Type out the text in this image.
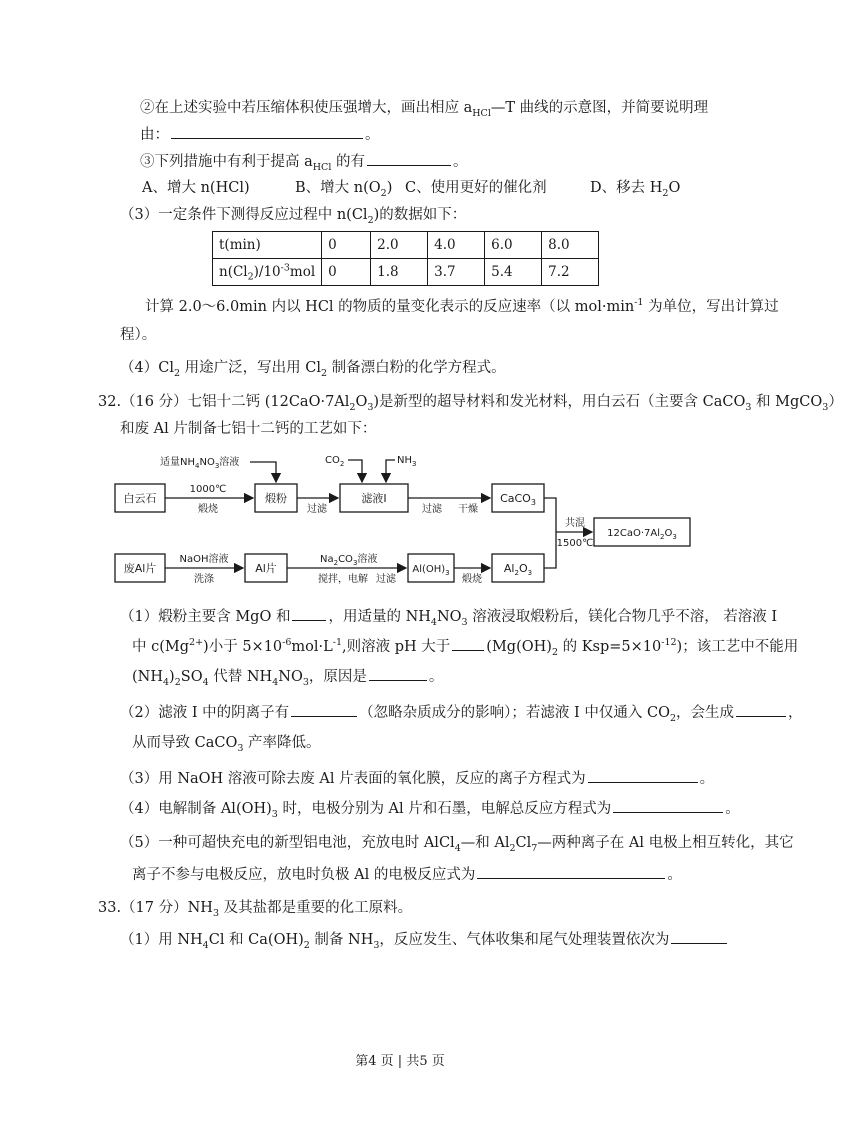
②在上述实验中若压缩体积使压强增大，画出相应 $a_{HCl}—T$ 曲线的示意图，并简要说明理
由：	。
③下列措施中有利于提高 $a_{HCl}$ 的有	。
A、增大 n(HCl)	B、增大 $n(O_2)$ C、使用更好的催化剂	D、移去 $H_2O$
（3）一定条件下测得反应过程中 $n(Cl_2)$的数据如下：
t(min)	0	2.0	4.0	6.0	8.0
$n(Cl_2)/10^{-3}mol$	0	1.8	3.7	5.4	7.2
计算 2.0～6.0min 内以 HCl 的物质的量变化表示的反应速率（以 $mol\cdot\min^{-1}$ 为单位，写出计算过
程）。
$(4)Cl_2$ 用途广泛，写出用 $Cl_2$ 制备漂白粉的化学方程式。
32.（16 分）七铝十二钙 $(12CaO\cdot 7Al_2O_3)$是新型的超导材料和发光材料，用白云石（主要含 CaCO$_3$ 和 MgCO$_3$）
和废 Al 片制备七铝十二钙的工艺如下：
白云石	煅粉	滤液I	CaCO$_3$
$12CaO\cdot 7Al_2O_3$
废Al片	Al片	$Al(OH)_3$	$Al_2O_3$
适量$NH_4NO_3$溶液	$CO_2$	$NH_3$
1000℃
煅烧	过滤	过滤 干燥
共混
1500℃
NaOH溶液
洗涤
$Na_2CO_3$溶液
搅拌，电解 过滤	煅烧
（1）煅粉主要含 MgO 和	，用适量的 $NH_4NO_3$ 溶液浸取煅粉后，镁化合物几乎不溶， 若溶液 I
中 $c(Mg^{2+})$小于 $5\times 10^{-6}mol\cdot L^{-1}$,则溶液 pH 大于 ($Mg(OH)_2$ 的 $Ksp=5\times 10^{-12}$)；该工艺中不能用
$(NH_4)_2SO_4$ 代替 $NH_4NO_3$，原因是	。
（2）滤液 I 中的阴离子有	（忽略杂质成分的影响）；若滤液 I 中仅通入 $CO_2$，会生成	，
从而导致 CaCO$_3$ 产率降低。
（3）用 NaOH 溶液可除去废 Al 片表面的氧化膜，反应的离子方程式为	。
（4）电解制备 $Al(OH)_3$ 时，电极分别为 Al 片和石墨，电解总反应方程式为	。
（5）一种可超快充电的新型铝电池，充放电时 AlCl$_4$—和 $Al_2Cl_7—$两种离子在 Al 电极上相互转化，其它
离子不参与电极反应，放电时负极 Al 的电极反应式为	。
33.（17 分）$NH_3$ 及其盐都是重要的化工原料。
（1）用 $NH_4Cl$ 和 $Ca(OH)_2$ 制备 $NH_3$，反应发生、气体收集和尾气处理装置依次为
第4 页 | 共5 页
